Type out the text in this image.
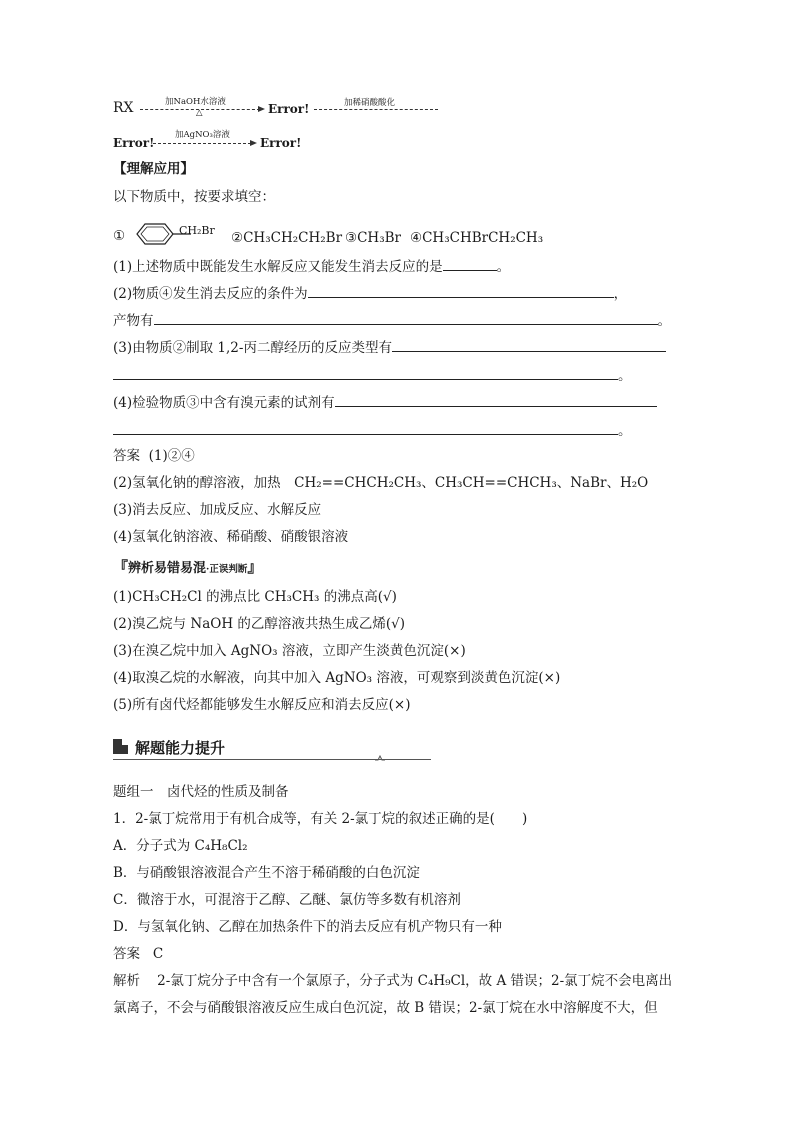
RX	加NaOH水溶液
△	Error!	加稀硝酸酸化
Error!
加AgNO₃溶液
Error!
【理解应用】
以下物质中，按要求填空：
①	CH₂Br ②CH₃CH₂CH₂Br ③CH₃Br ④CH₃CHBrCH₂CH₃
(1)上述物质中既能发生水解反应又能发生消去反应的是	。
(2)物质④发生消去反应的条件为	，
产物有	。
(3)由物质②制取 1,2-丙二醇经历的反应类型有
。
(4)检验物质③中含有溴元素的试剂有
。
答案 (1)②④
(2)氢氧化钠的醇溶液，加热　CH₂==CHCH₂CH₃、CH₃CH==CHCH₃、NaBr、H₂O
(3)消去反应、加成反应、水解反应
(4)氢氧化钠溶液、稀硝酸、硝酸银溶液
『辨析易错易混·正误判断』
(1)CH₃CH₂Cl 的沸点比 CH₃CH₃ 的沸点高(√)
(2)溴乙烷与 NaOH 的乙醇溶液共热生成乙烯(√)
(3)在溴乙烷中加入 AgNO₃ 溶液，立即产生淡黄色沉淀(×)
(4)取溴乙烷的水解液，向其中加入 AgNO₃ 溶液，可观察到淡黄色沉淀(×)
(5)所有卤代烃都能够发生水解反应和消去反应(×)
解题能力提升
题组一　卤代烃的性质及制备
1．2-氯丁烷常用于有机合成等，有关 2-氯丁烷的叙述正确的是(　　)
A．分子式为 C₄H₈Cl₂
B．与硝酸银溶液混合产生不溶于稀硝酸的白色沉淀
C．微溶于水，可混溶于乙醇、乙醚、氯仿等多数有机溶剂
D．与氢氧化钠、乙醇在加热条件下的消去反应有机产物只有一种
答案 C
解析 2-氯丁烷分子中含有一个氯原子，分子式为 C₄H₉Cl，故 A 错误；2-氯丁烷不会电离出
氯离子，不会与硝酸银溶液反应生成白色沉淀，故 B 错误；2-氯丁烷在水中溶解度不大，但
